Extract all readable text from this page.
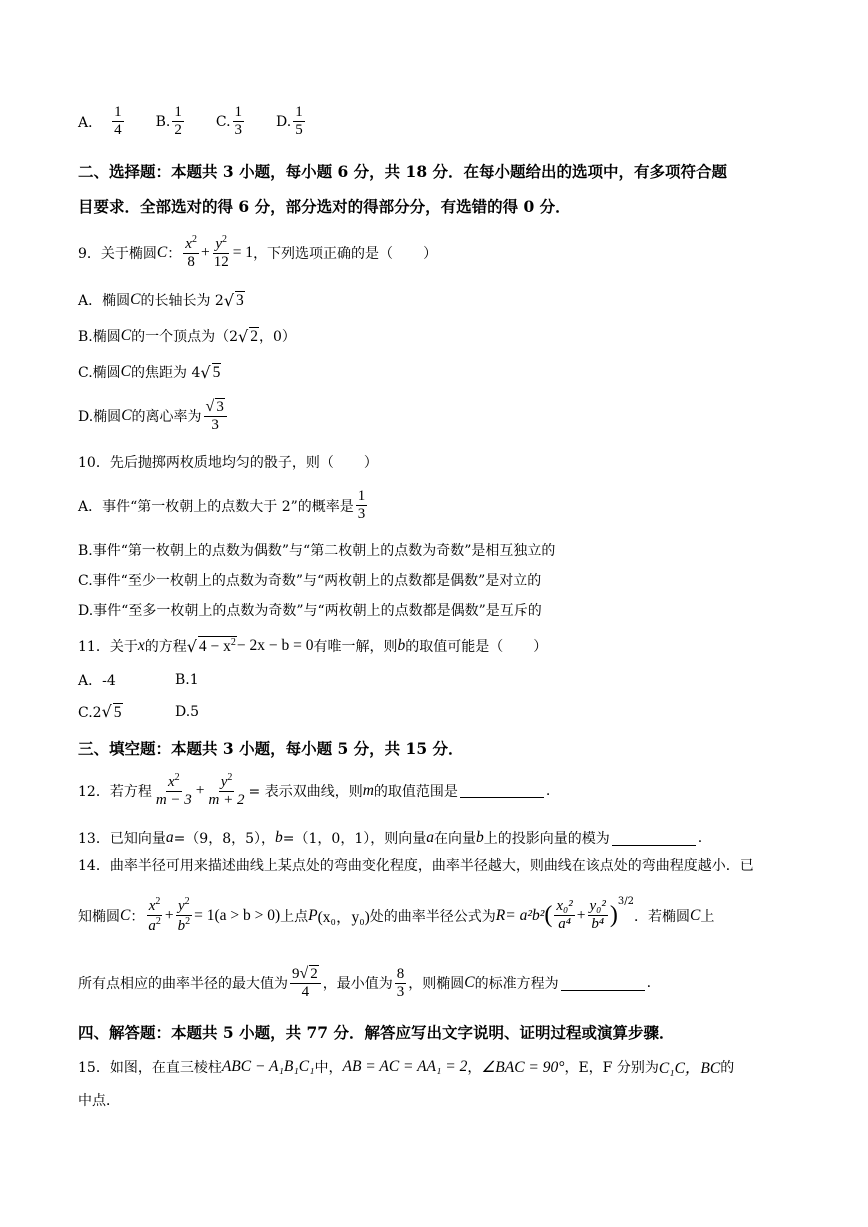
A． $\frac{1}{4} B$. $\frac{1}{2} C$. $\frac{1}{3} D$. $\frac{1}{5}$
二、选择题：本题共 3 小题，每小题 6 分，共 18 分．在每小题给出的选项中，有多项符合题
目要求．全部选对的得 6 分，部分选对的得部分分，有选错的得 0 分．
9．关于椭圆 C ： $\frac{x^2}{8} + \frac{y^2}{12} = 1$ ，下列选项正确的是（ ）
A．椭圆 C 的长轴长为 2 √ 3
B.椭圆 C 的一个顶点为（2 √ 2 ，0）
C.椭圆 C 的焦距为 4 √ 5
D.椭圆 C 的离心率为 $\frac{√ 3}{3}$
10．先后抛掷两枚质地均匀的骰子，则（ ）
A．事件“第一枚朝上的点数大于 2”的概率是 $\frac{1}{3}$
B.事件“第一枚朝上的点数为偶数”与“第二枚朝上的点数为奇数”是相互独立的
C.事件“至少一枚朝上的点数为奇数”与“两枚朝上的点数都是偶数”是对立的
D.事件“至多一枚朝上的点数为奇数”与“两枚朝上的点数都是偶数”是互斥的
11．关于 x 的方程 √ $4 - x^2 - 2x - b = 0$ 有唯一解，则 b 的取值可能是（ ）
A．-4	B.1
C.2√ 5	D.5
三、填空题：本题共 3 小题，每小题 5 分，共 15 分．
12．若方程 $\frac{x^2}{m - 3} + \frac{y^2}{m + 2}$ = 表示双曲线，则 m 的取值范围是	.
13．已知向量 a =（9，8，5）， b =（1，0，1），则向量 a 在向量 b 上的投影向量的模为	.
14．曲率半径可用来描述曲线上某点处的弯曲变化程度，曲率半径越大，则曲线在该点处的弯曲程度越小．已
知椭圆 C ： $\frac{x^2}{a^2} + \frac{y^2}{b^2} = 1(a > b > 0)$ 上点 P (x₀，y₀) 处的曲率半径公式为 R= a²b² ( $\frac{\text{x₀²}}{\text{a⁴}} + \frac{\text{y₀²}}{\text{b⁴}}$ )
$^{3/2}$
．若椭圆 C 上
所有点相应的曲率半径的最大值为 $\frac{9√ 2}{4}$ ，最小值为 $\frac{8}{3}$ ，则椭圆 C 的标准方程为	.
四、解答题：本题共 5 小题，共 77 分．解答应写出文字说明、证明过程或演算步骤．
15．如图，在直三棱柱 ABC − A₁B₁C₁ 中， AB = AC = AA₁ = 2 ， ∠BAC = 90° ，E，F 分别为 C₁C，BC 的
中点．
